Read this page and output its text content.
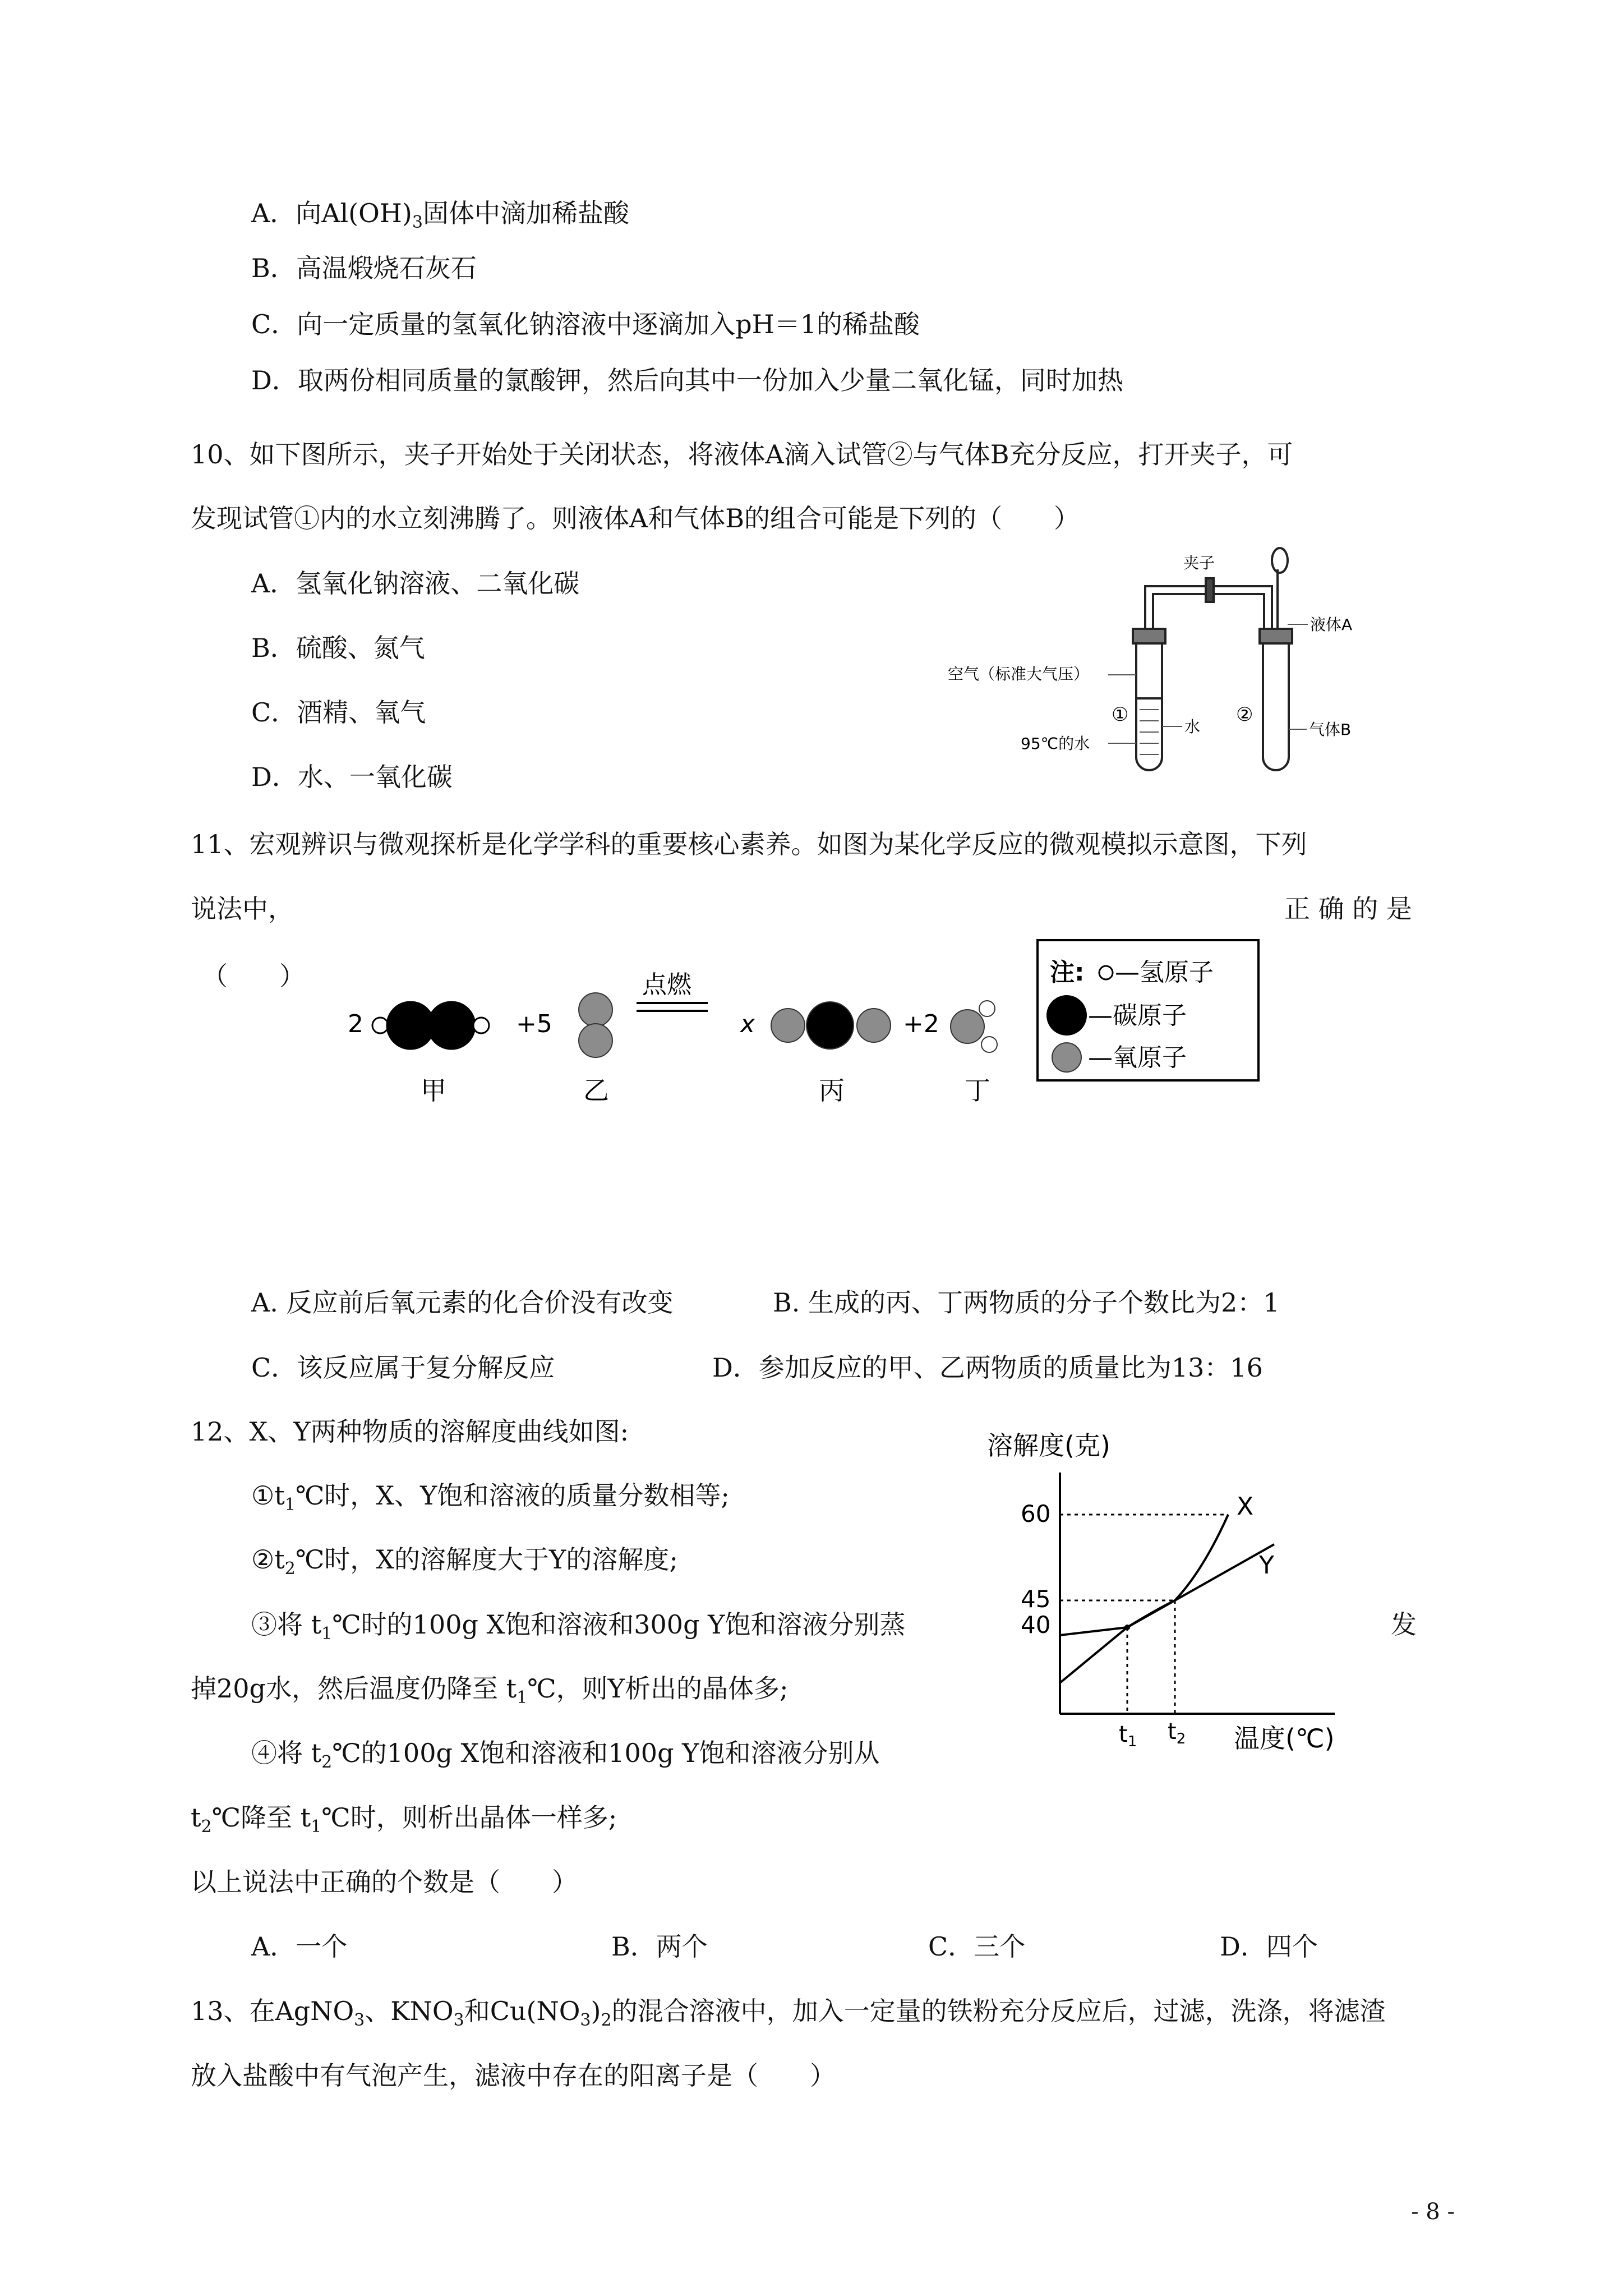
A．向$Al(OH)_3$固体中滴加稀盐酸
B．高温煅烧石灰石
C．向一定质量的氢氧化钠溶液中逐滴加入pH＝1的稀盐酸
D．取两份相同质量的氯酸钾，然后向其中一份加入少量二氧化锰，同时加热
10、如下图所示，夹子开始处于关闭状态，将液体A滴入试管②与气体B充分反应，打开夹子，可
发现试管①内的水立刻沸腾了。则液体A和气体B的组合可能是下列的（　　）
A．氢氧化钠溶液、二氧化碳
B．硫酸、氮气
C．酒精、氧气
D．水、一氧化碳
夹子
液体A
空气（标准大气压）
①	②
水	气体B
95℃的水
11、宏观辨识与微观探析是化学学科的重要核心素养。如图为某化学反应的微观模拟示意图，下列
说法中，	正 确 的 是
（　　）
2	+5	x	+2
点燃
甲	乙	丙	丁
注: —氢原子
—碳原子
—氧原子
A. 反应前后氧元素的化合价没有改变	B. 生成的丙、丁两物质的分子个数比为2：1
C．该反应属于复分解反应	D．参加反应的甲、乙两物质的质量比为13：16
12、X、Y两种物质的溶解度曲线如图:
$①t_1℃$时，X、Y饱和溶液的质量分数相等;
$②t_2℃$时，X的溶解度大于Y的溶解度;
③将 $t_1℃$时的100g X饱和溶液和300g Y饱和溶液分别蒸	发
掉20g水，然后温度仍降至 $t_1℃$，则Y析出的晶体多;
④将 $t_2℃$的100g X饱和溶液和100g Y饱和溶液分别从
$t_2℃$降至 $t_1℃$时，则析出晶体一样多;
以上说法中正确的个数是（　　）
A．一个	B．两个	C．三个	D．四个
溶解度(克)
60
45
40
X
Y
$t_1$ $t_2$ 温度(℃)
13、在AgNO$_3$、$KNO_3$和$Cu(NO_3)_2$的混合溶液中，加入一定量的铁粉充分反应后，过滤，洗涤，将滤渣
放入盐酸中有气泡产生，滤液中存在的阳离子是（　　）
- 8 -
